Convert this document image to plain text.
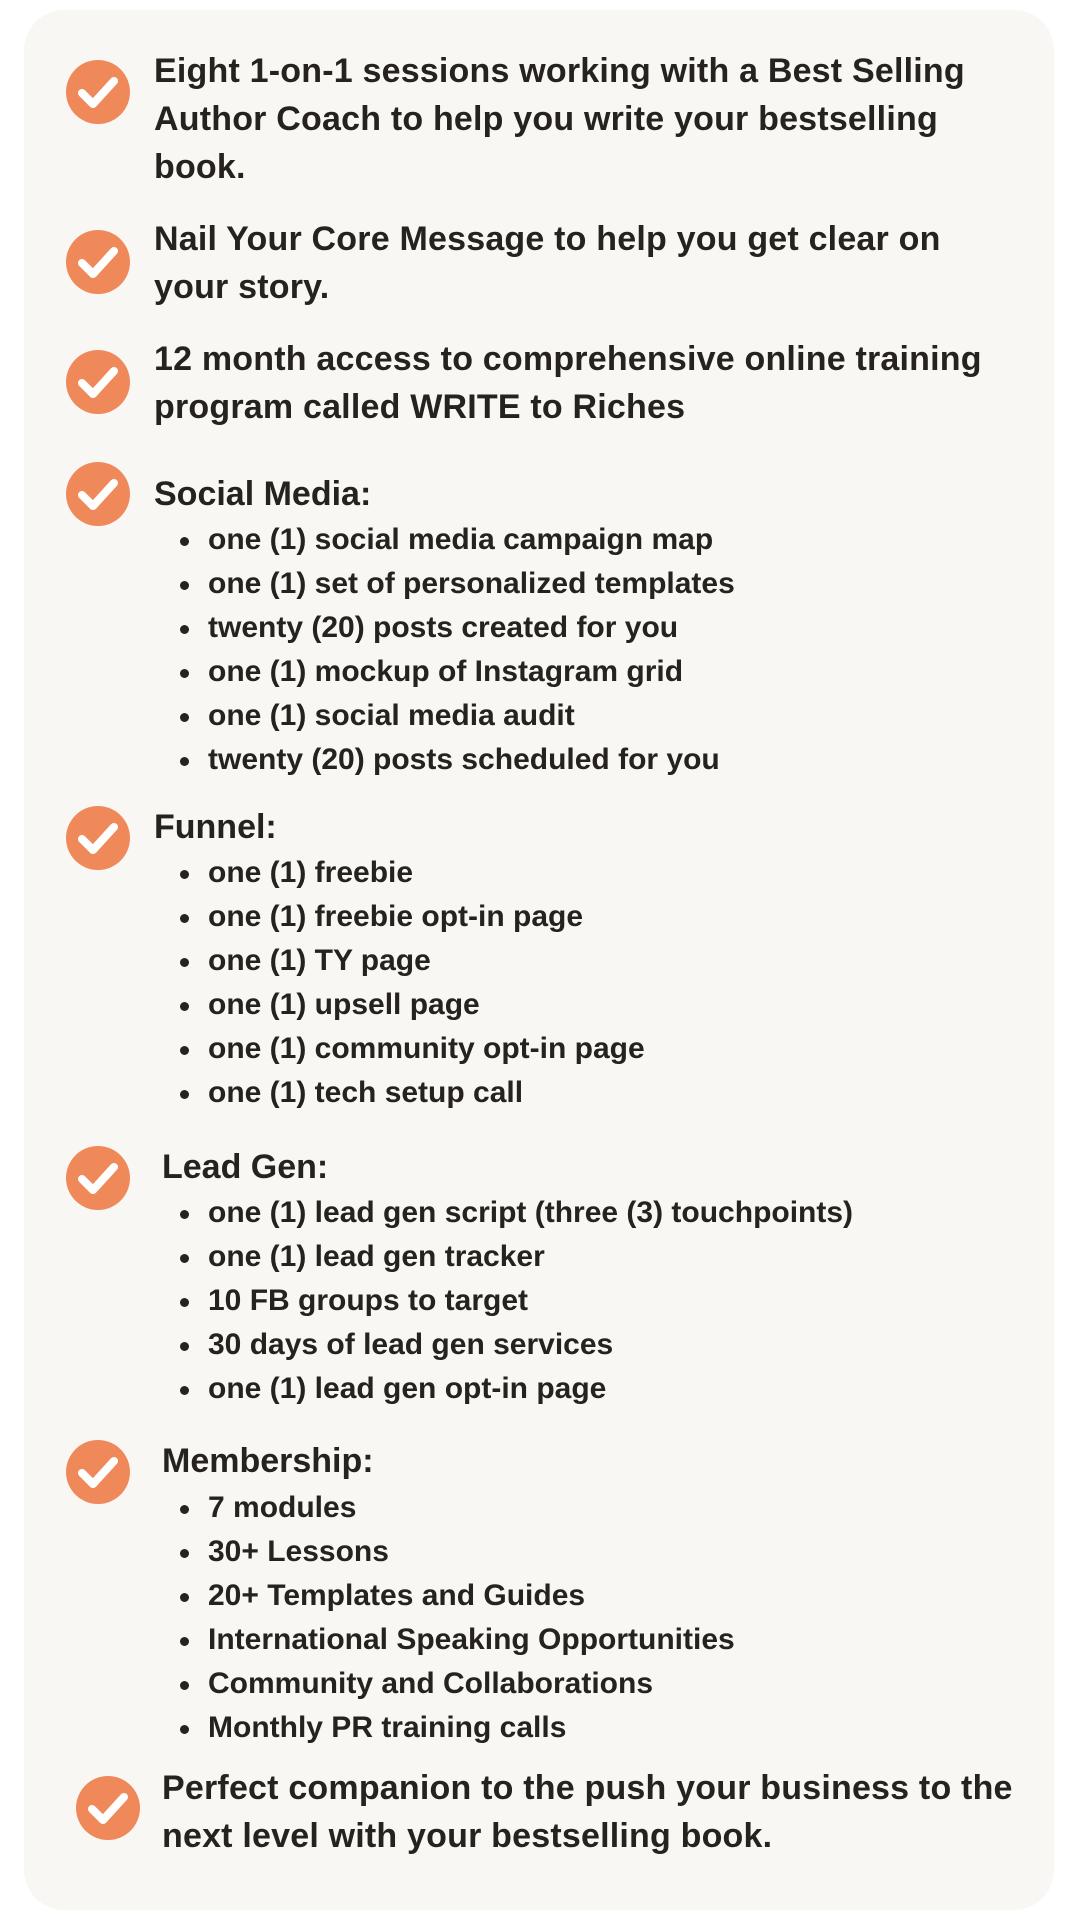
Eight 1-on-1 sessions working with a Best Selling Author Coach to help you write your bestselling book.
Nail Your Core Message to help you get clear on your story.
12 month access to comprehensive online training program called WRITE to Riches
Social Media:
one (1) social media campaign map
one (1) set of personalized templates
twenty (20) posts created for you
one (1) mockup of Instagram grid
one (1) social media audit
twenty (20) posts scheduled for you
Funnel:
one (1) freebie
one (1) freebie opt-in page
one (1) TY page
one (1) upsell page
one (1) community opt-in page
one (1) tech setup call
Lead Gen:
one (1) lead gen script (three (3) touchpoints)
one (1) lead gen tracker
10 FB groups to target
30 days of lead gen services
one (1) lead gen opt-in page
Membership:
7 modules
30+ Lessons
20+ Templates and Guides
International Speaking Opportunities
Community and Collaborations
Monthly PR training calls
Perfect companion to the push your business to the next level with your bestselling book.
